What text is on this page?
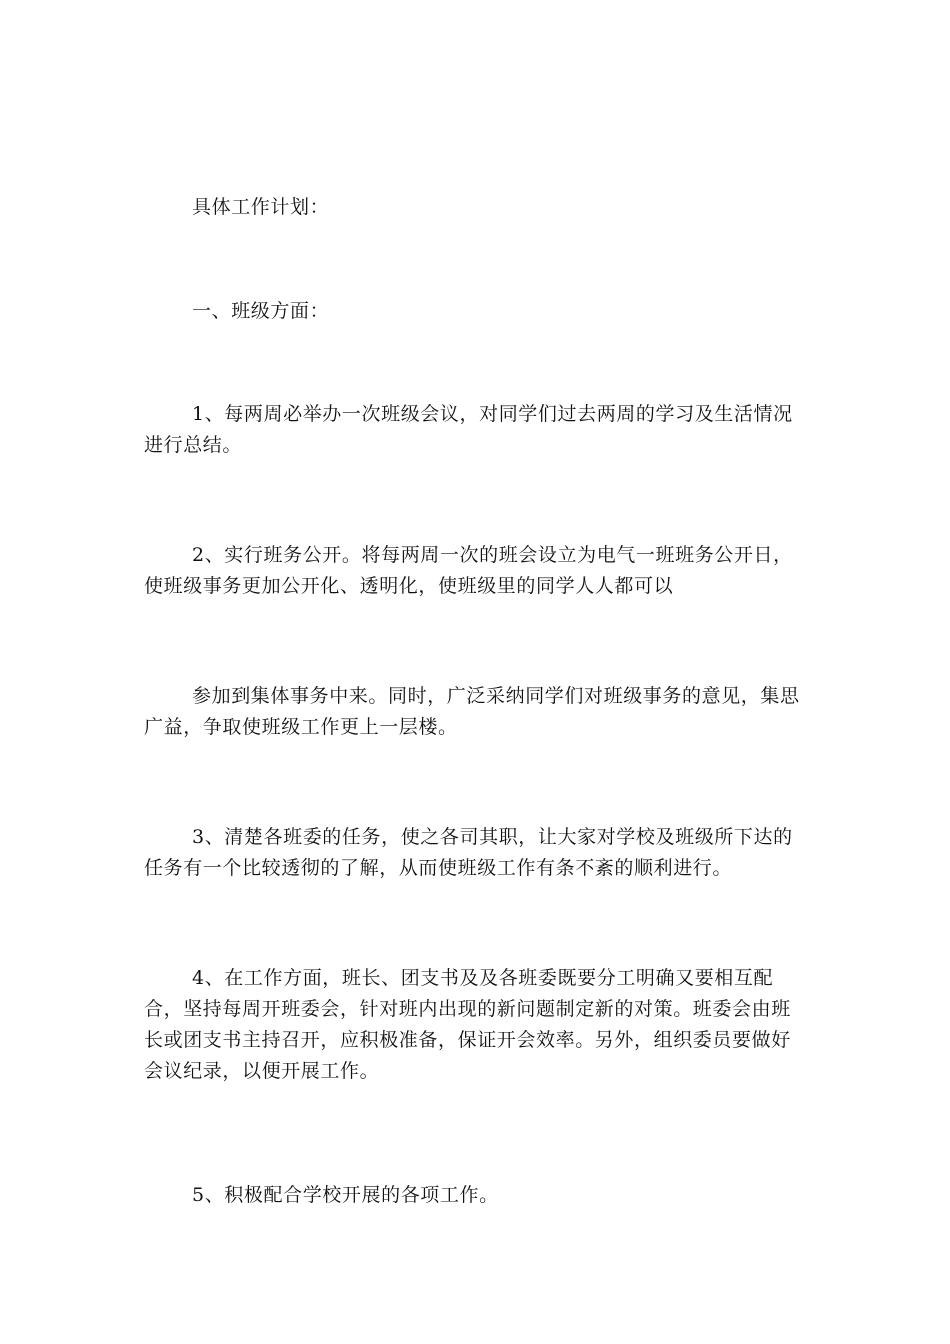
具体工作计划：

一、班级方面：

1、每两周必举办一次班级会议，对同学们过去两周的学习及生活情况进行总结。

2、实行班务公开。将每两周一次的班会设立为电气一班班务公开日，使班级事务更加公开化、透明化，使班级里的同学人人都可以

参加到集体事务中来。同时，广泛采纳同学们对班级事务的意见，集思广益，争取使班级工作更上一层楼。

3、清楚各班委的任务，使之各司其职，让大家对学校及班级所下达的任务有一个比较透彻的了解，从而使班级工作有条不紊的顺利进行。

4、在工作方面，班长、团支书及及各班委既要分工明确又要相互配合，坚持每周开班委会，针对班内出现的新问题制定新的对策。班委会由班长或团支书主持召开，应积极准备，保证开会效率。另外，组织委员要做好会议纪录，以便开展工作。

5、积极配合学校开展的各项工作。
